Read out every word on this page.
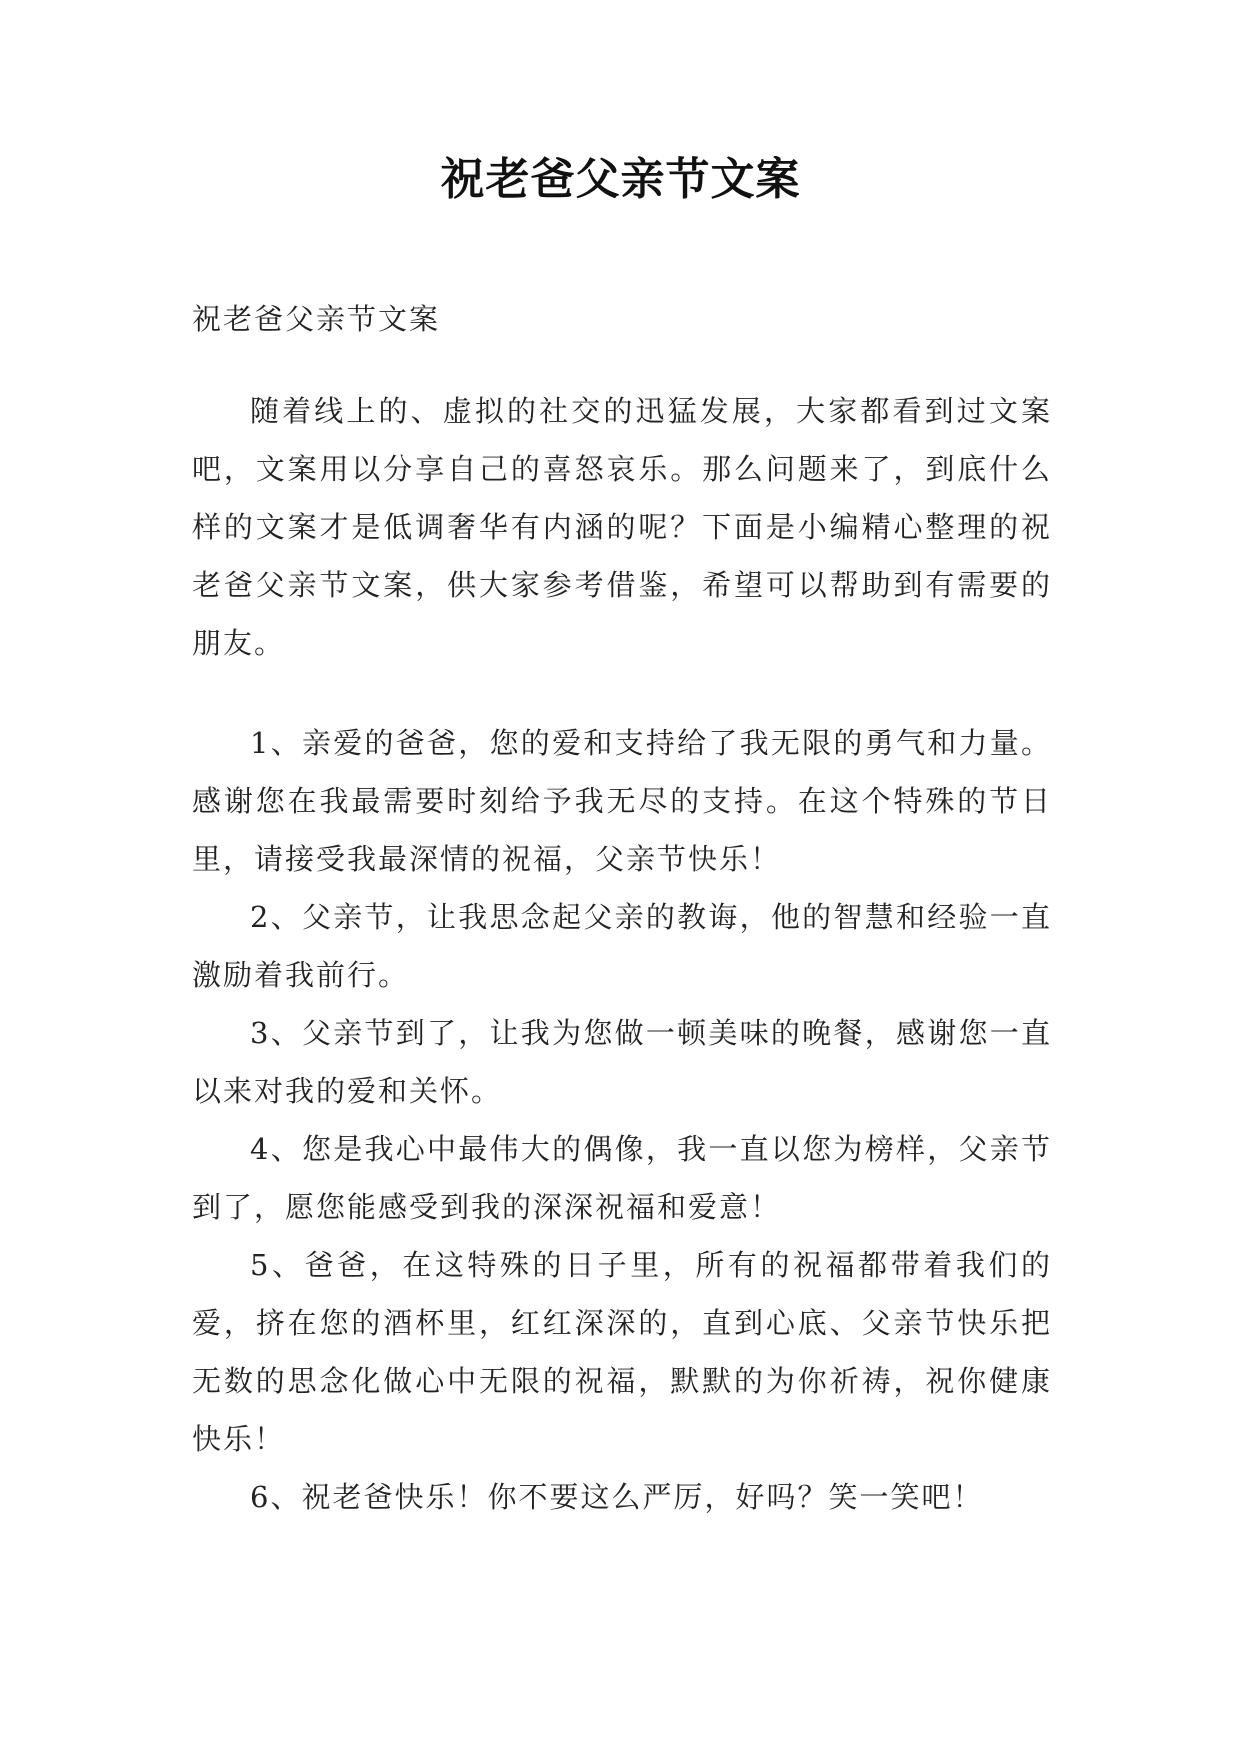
祝老爸父亲节文案

祝老爸父亲节文案

随着线上的、虚拟的社交的迅猛发展，大家都看到过文案吧，文案用以分享自己的喜怒哀乐。那么问题来了，到底什么样的文案才是低调奢华有内涵的呢？下面是小编精心整理的祝老爸父亲节文案，供大家参考借鉴，希望可以帮助到有需要的朋友。

1、亲爱的爸爸，您的爱和支持给了我无限的勇气和力量。感谢您在我最需要时刻给予我无尽的支持。在这个特殊的节日里，请接受我最深情的祝福，父亲节快乐！

2、父亲节，让我思念起父亲的教诲，他的智慧和经验一直激励着我前行。

3、父亲节到了，让我为您做一顿美味的晚餐，感谢您一直以来对我的爱和关怀。

4、您是我心中最伟大的偶像，我一直以您为榜样，父亲节到了，愿您能感受到我的深深祝福和爱意！

5、爸爸，在这特殊的日子里，所有的祝福都带着我们的爱，挤在您的酒杯里，红红深深的，直到心底、父亲节快乐把无数的思念化做心中无限的祝福，默默的为你祈祷，祝你健康快乐！

6、祝老爸快乐！你不要这么严厉，好吗？笑一笑吧！
